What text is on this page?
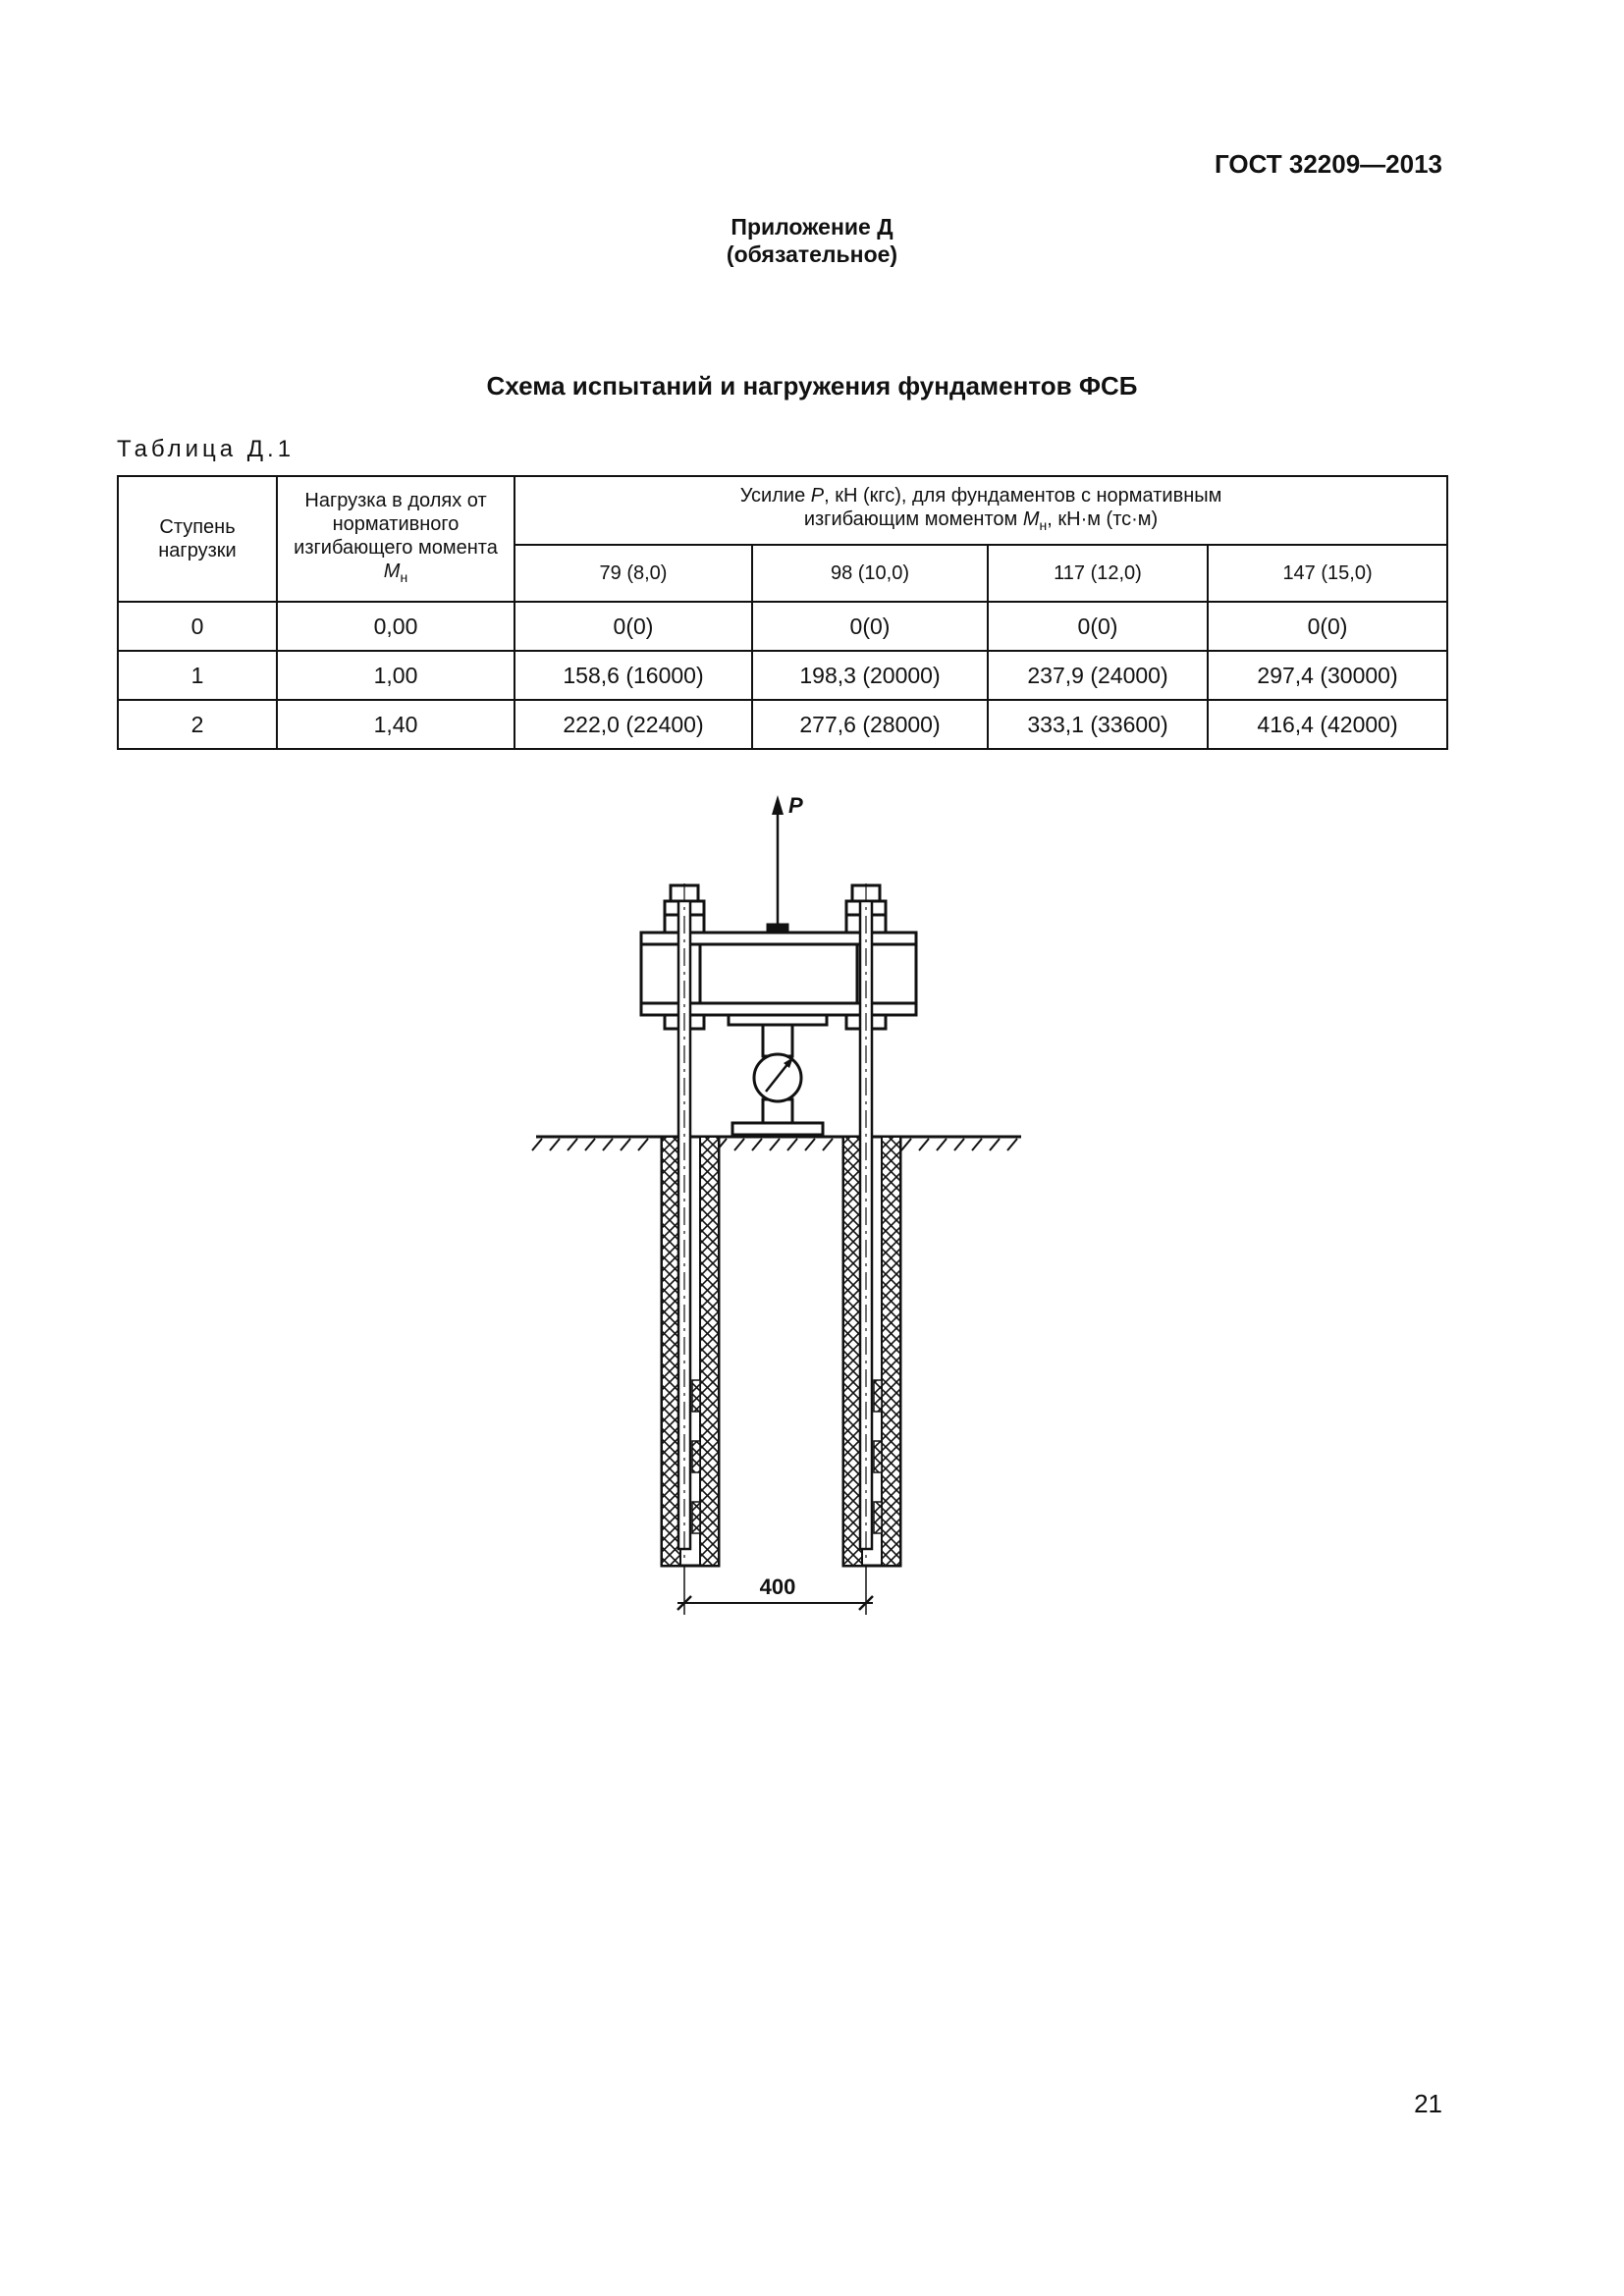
ГОСТ 32209—2013
Приложение Д
(обязательное)
Схема испытаний и нагружения фундаментов ФСБ
Таблица Д.1
Ступень нагрузки	Нагрузка в долях от нормативного изгибающего момента $M_н$	Усилие P, кН (кгс), для фундаментов с нормативным
изгибающим моментом $M_н$, кН·м (тс·м)			
		79 (8,0)	98 (10,0)	117 (12,0)	147 (15,0)
0	0,00	0(0)	0(0)	0(0)	0(0)
1	1,00	158,6 (16000)	198,3 (20000)	237,9 (24000)	297,4 (30000)
2	1,40	222,0 (22400)	277,6 (28000)	333,1 (33600)	416,4 (42000)
P
400
21
